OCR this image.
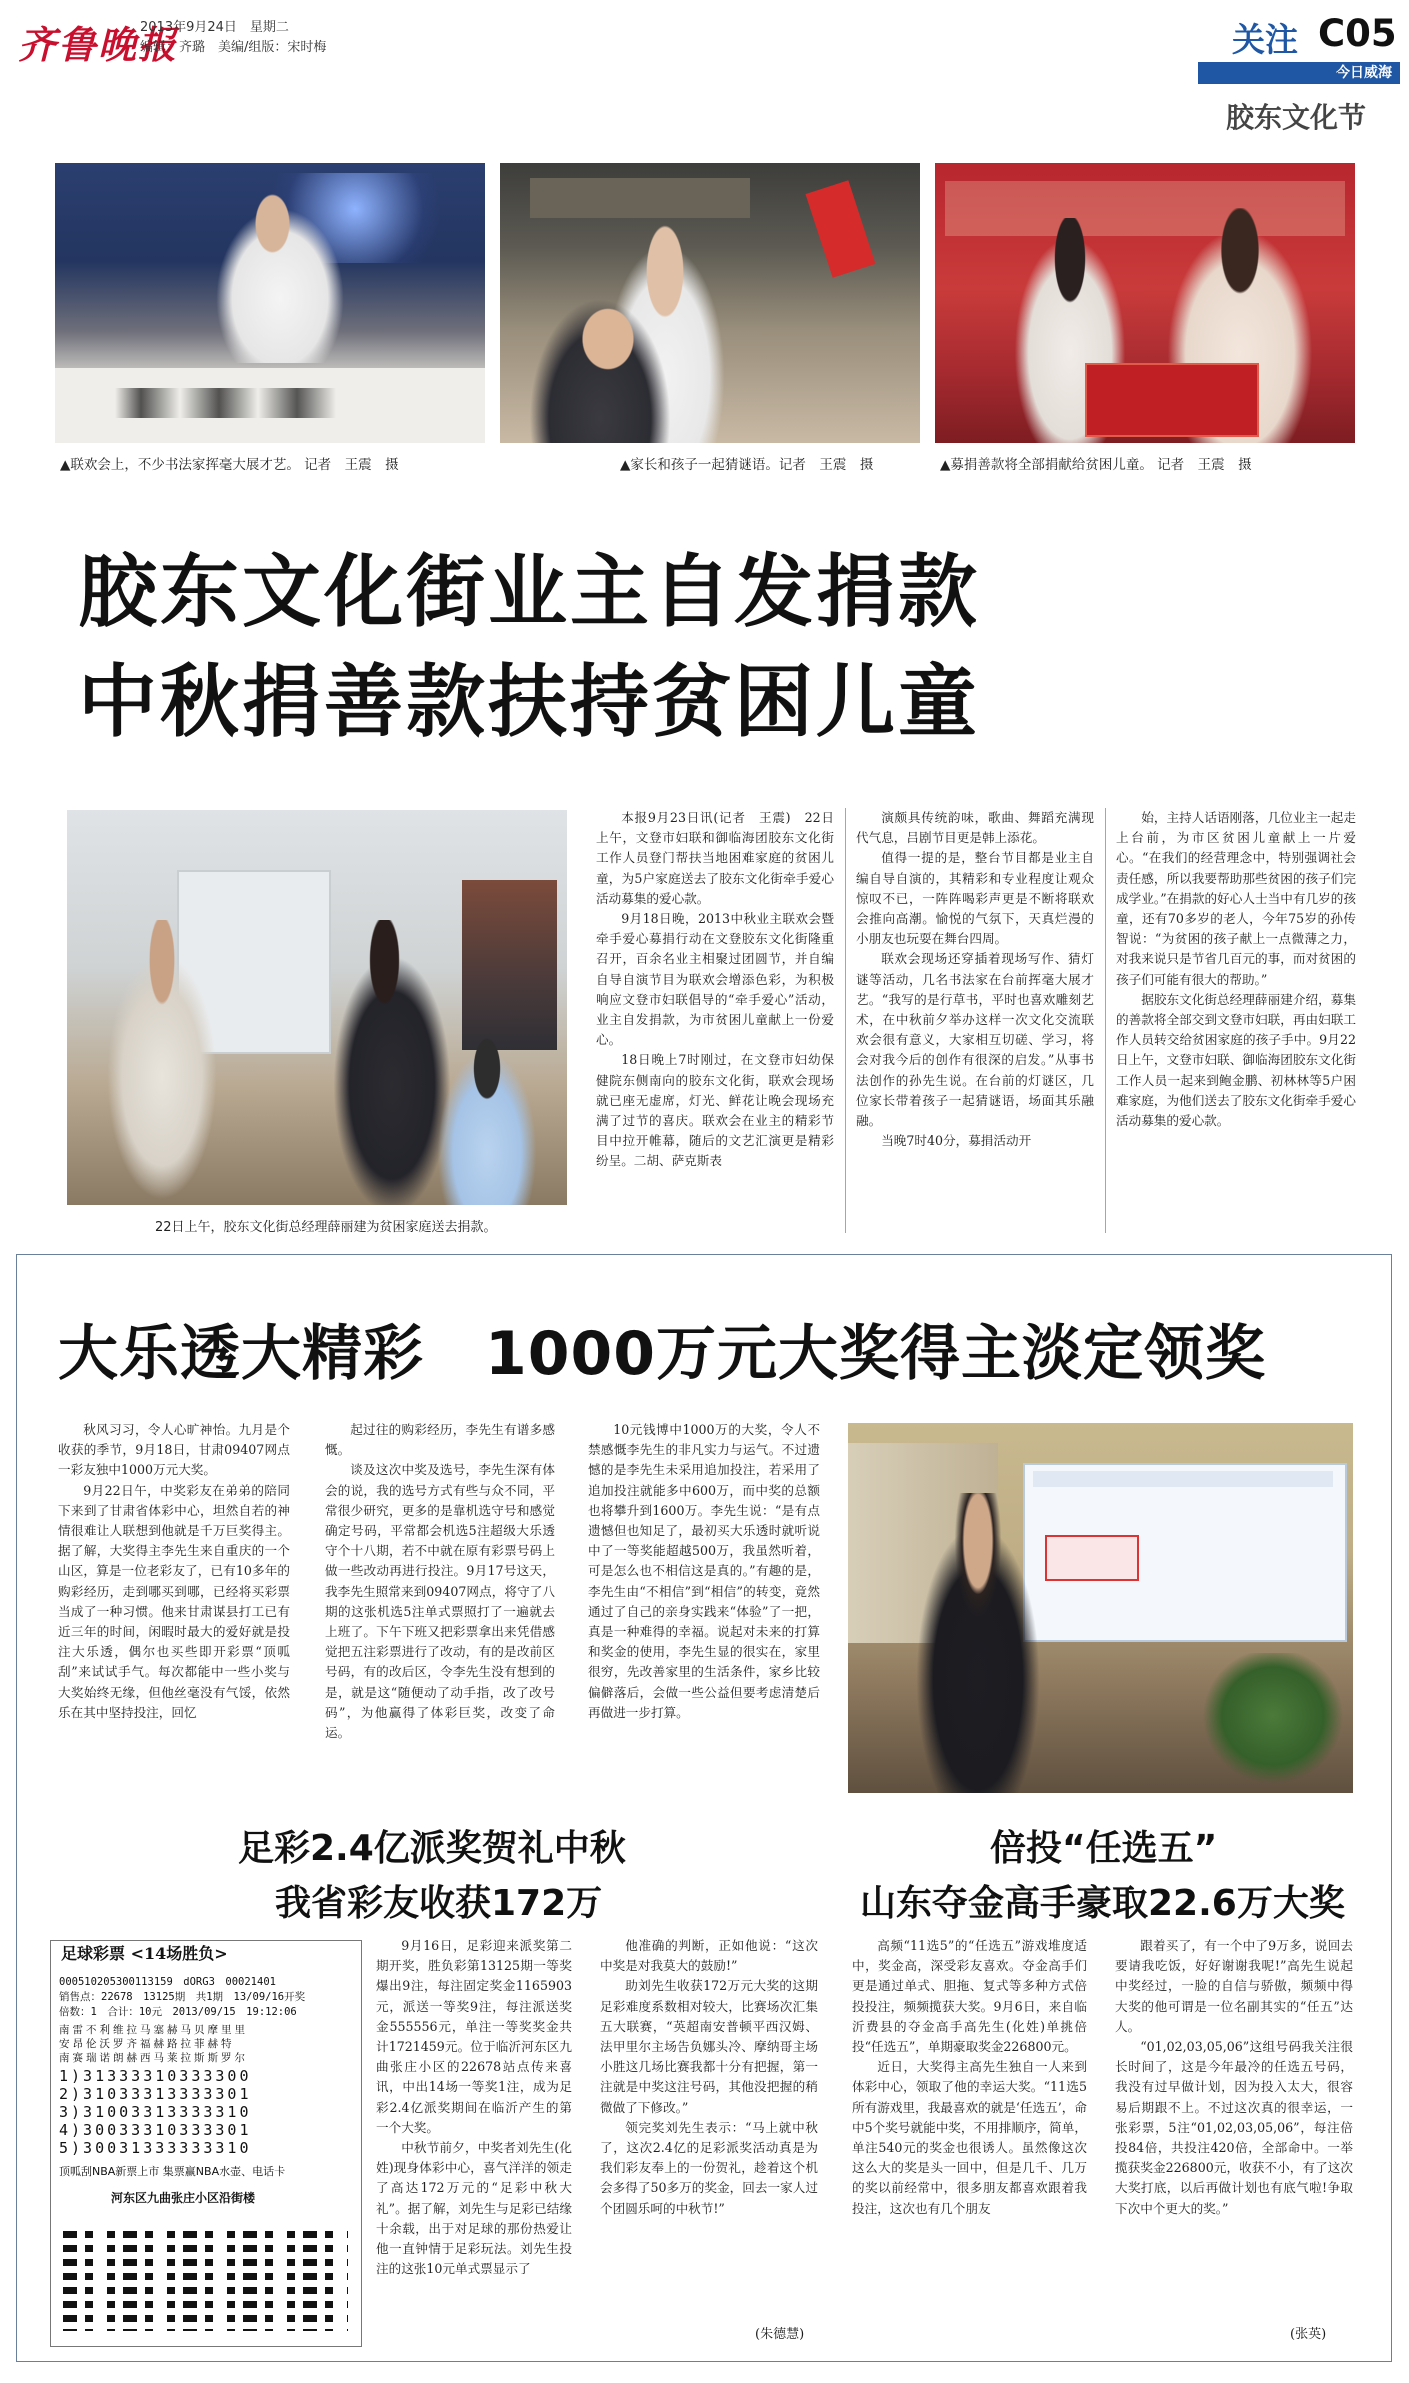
齐鲁晚报
2013年9月24日　星期二
编辑：齐璐　美编/组版：宋时梅	关注 C05
今日威海
胶东文化节
▲联欢会上，不少书法家挥毫大展才艺。 记者　王震　摄	▲家长和孩子一起猜谜语。记者　王震　摄	▲募捐善款将全部捐献给贫困儿童。 记者　王震　摄
胶东文化街业主自发捐款
中秋捐善款扶持贫困儿童
22日上午，胶东文化街总经理薛丽建为贫困家庭送去捐款。

本报9月23日讯(记者　王震)　22日上午，文登市妇联和御临海团胶东文化街工作人员登门帮扶当地困难家庭的贫困儿童，为5户家庭送去了胶东文化街牵手爱心活动募集的爱心款。

9月18日晚，2013中秋业主联欢会暨牵手爱心募捐行动在文登胶东文化街隆重召开，百余名业主相聚过团圆节，并自编自导自演节目为联欢会增添色彩，为积极响应文登市妇联倡导的“牵手爱心”活动，业主自发捐款，为市贫困儿童献上一份爱心。

18日晚上7时刚过，在文登市妇幼保健院东侧南向的胶东文化街，联欢会现场就已座无虚席，灯光、鲜花让晚会现场充满了过节的喜庆。联欢会在业主的精彩节目中拉开帷幕，随后的文艺汇演更是精彩纷呈。二胡、萨克斯表

演颇具传统韵味，歌曲、舞蹈充满现代气息，吕剧节目更是韩上添花。

值得一提的是，整台节目都是业主自编自导自演的，其精彩和专业程度让观众惊叹不已，一阵阵喝彩声更是不断将联欢会推向高潮。愉悦的气氛下，天真烂漫的小朋友也玩耍在舞台四周。

联欢会现场还穿插着现场写作、猜灯谜等活动，几名书法家在台前挥毫大展才艺。“我写的是行草书，平时也喜欢雕刻艺术，在中秋前夕举办这样一次文化交流联欢会很有意义，大家相互切磋、学习，将会对我今后的创作有很深的启发。”从事书法创作的孙先生说。在台前的灯谜区，几位家长带着孩子一起猜谜语，场面其乐融融。

当晚7时40分，募捐活动开

始，主持人话语刚落，几位业主一起走上台前，为市区贫困儿童献上一片爱心。“在我们的经营理念中，特别强调社会责任感，所以我要帮助那些贫困的孩子们完成学业。”在捐款的好心人士当中有几岁的孩童，还有70多岁的老人，今年75岁的孙传智说：“为贫困的孩子献上一点微薄之力，对我来说只是节省几百元的事，而对贫困的孩子们可能有很大的帮助。”

据胶东文化街总经理薛丽建介绍，募集的善款将全部交到文登市妇联，再由妇联工作人员转交给贫困家庭的孩子手中。9月22日上午，文登市妇联、御临海团胶东文化街工作人员一起来到鲍金鹏、初林林等5户困难家庭，为他们送去了胶东文化街牵手爱心活动募集的爱心款。

大乐透大精彩　1000万元大奖得主淡定领奖

秋风习习，令人心旷神怡。九月是个收获的季节，9月18日，甘肃09407网点一彩友独中1000万元大奖。

9月22日午，中奖彩友在弟弟的陪同下来到了甘肃省体彩中心，坦然自若的神情很难让人联想到他就是千万巨奖得主。据了解，大奖得主李先生来自重庆的一个山区，算是一位老彩友了，已有10多年的购彩经历，走到哪买到哪，已经将买彩票当成了一种习惯。他来甘肃谋县打工已有近三年的时间，闲暇时最大的爱好就是投注大乐透，偶尔也买些即开彩票“顶呱刮”来试试手气。每次都能中一些小奖与大奖始终无缘，但他丝毫没有气馁，依然乐在其中坚持投注，回忆

起过往的购彩经历，李先生有谱多感慨。

谈及这次中奖及选号，李先生深有体会的说，我的选号方式有些与众不同，平常很少研究，更多的是靠机选守号和感觉确定号码，平常都会机选5注超级大乐透守个十八期，若不中就在原有彩票号码上做一些改动再进行投注。9月17号这天，我李先生照常来到09407网点，将守了八期的这张机选5注单式票照打了一遍就去上班了。下午下班又把彩票拿出来凭借感觉把五注彩票进行了改动，有的是改前区号码，有的改后区，令李先生没有想到的是，就是这“随便动了动手指，改了改号码”，为他赢得了体彩巨奖，改变了命运。

10元钱博中1000万的大奖，令人不禁感慨李先生的非凡实力与运气。不过遗憾的是李先生未采用追加投注，若采用了追加投注就能多中600万，而中奖的总额也将攀升到1600万。李先生说：“是有点遗憾但也知足了，最初买大乐透时就听说中了一等奖能超越500万，我虽然听着，可是怎么也不相信这是真的。”有趣的是，李先生由“不相信”到“相信”的转变，竟然通过了自己的亲身实践来“体验”了一把，真是一种难得的幸福。说起对未来的打算和奖金的使用，李先生显的很实在，家里很穷，先改善家里的生活条件，家乡比较偏僻落后，会做一些公益但要考虑清楚后再做进一步打算。

足彩2.4亿派奖贺礼中秋
我省彩友收获172万
足球彩票 <14场胜负>
000510205300113159　dORG3　00021401
销售点：22678　13125期　共1期　13/09/16开奖
倍数：1　合计：10元　2013/09/15　19:12:06
南雷不利维拉马塞赫马贝摩里里
安昂伦沃罗齐福赫路拉菲赫特
南赛瑞诺朗赫西马莱拉斯斯罗尔
1)31333310333300
2)31033313333301
3)31003313333310
4)30033310333301
5)30031333333310
顶呱刮NBA新票上市 集票赢NBA水壶、电话卡
河东区九曲张庄小区沿街楼

9月16日，足彩迎来派奖第二期开奖，胜负彩第13125期一等奖爆出9注，每注固定奖金1165903元，派送一等奖9注，每注派送奖金555556元，单注一等奖奖金共计1721459元。位于临沂河东区九曲张庄小区的22678站点传来喜讯，中出14场一等奖1注，成为足彩2.4亿派奖期间在临沂产生的第一个大奖。

中秋节前夕，中奖者刘先生(化姓)现身体彩中心，喜气洋洋的领走了高达172万元的“足彩中秋大礼”。据了解，刘先生与足彩已结缘十余载，出于对足球的那份热爱让他一直钟情于足彩玩法。刘先生投注的这张10元单式票显示了

他准确的判断，正如他说：“这次中奖是对我莫大的鼓励!”

助刘先生收获172万元大奖的这期足彩难度系数相对较大，比赛场次汇集五大联赛，“英超南安普顿平西汉姆、法甲里尔主场告负娜头冷、摩纳哥主场小胜这几场比赛我都十分有把握，第一注就是中奖这注号码，其他没把握的稍微做了下修改。”

领完奖刘先生表示：“马上就中秋了，这次2.4亿的足彩派奖活动真是为我们彩友奉上的一份贺礼，趁着这个机会多得了50多万的奖金，回去一家人过个团圆乐呵的中秋节!”

(朱德慧)
倍投“任选五”
山东夺金高手豪取22.6万大奖

高频“11选5”的“任选五”游戏堆度适中，奖金高，深受彩友喜欢。夺金高手们更是通过单式、胆拖、复式等多种方式倍投投注，频频揽获大奖。9月6日，来自临沂费县的夺金高手高先生(化姓)单挑倍投“任选五”，单期豪取奖金226800元。

近日，大奖得主高先生独自一人来到体彩中心，领取了他的幸运大奖。“11选5所有游戏里，我最喜欢的就是‘任选五’，命中5个奖号就能中奖，不用排顺序，简单，单注540元的奖金也很诱人。虽然像这次这么大的奖是头一回中，但是几千、几万的奖以前经常中，很多朋友都喜欢跟着我投注，这次也有几个朋友

跟着买了，有一个中了9万多，说回去要请我吃饭，好好谢谢我呢!”高先生说起中奖经过，一脸的自信与骄傲，频频中得大奖的他可谓是一位名副其实的“任五”达人。

“01,02,03,05,06”这组号码我关注很长时间了，这是今年最冷的任选五号码，我没有过早做计划，因为投入太大，很容易后期跟不上。不过这次真的很幸运，一张彩票，5注“01,02,03,05,06”，每注倍投84倍，共投注420倍，全部命中。一举揽获奖金226800元，收获不小，有了这次大奖打底，以后再做计划也有底气啦!争取下次中个更大的奖。”

(张英)
